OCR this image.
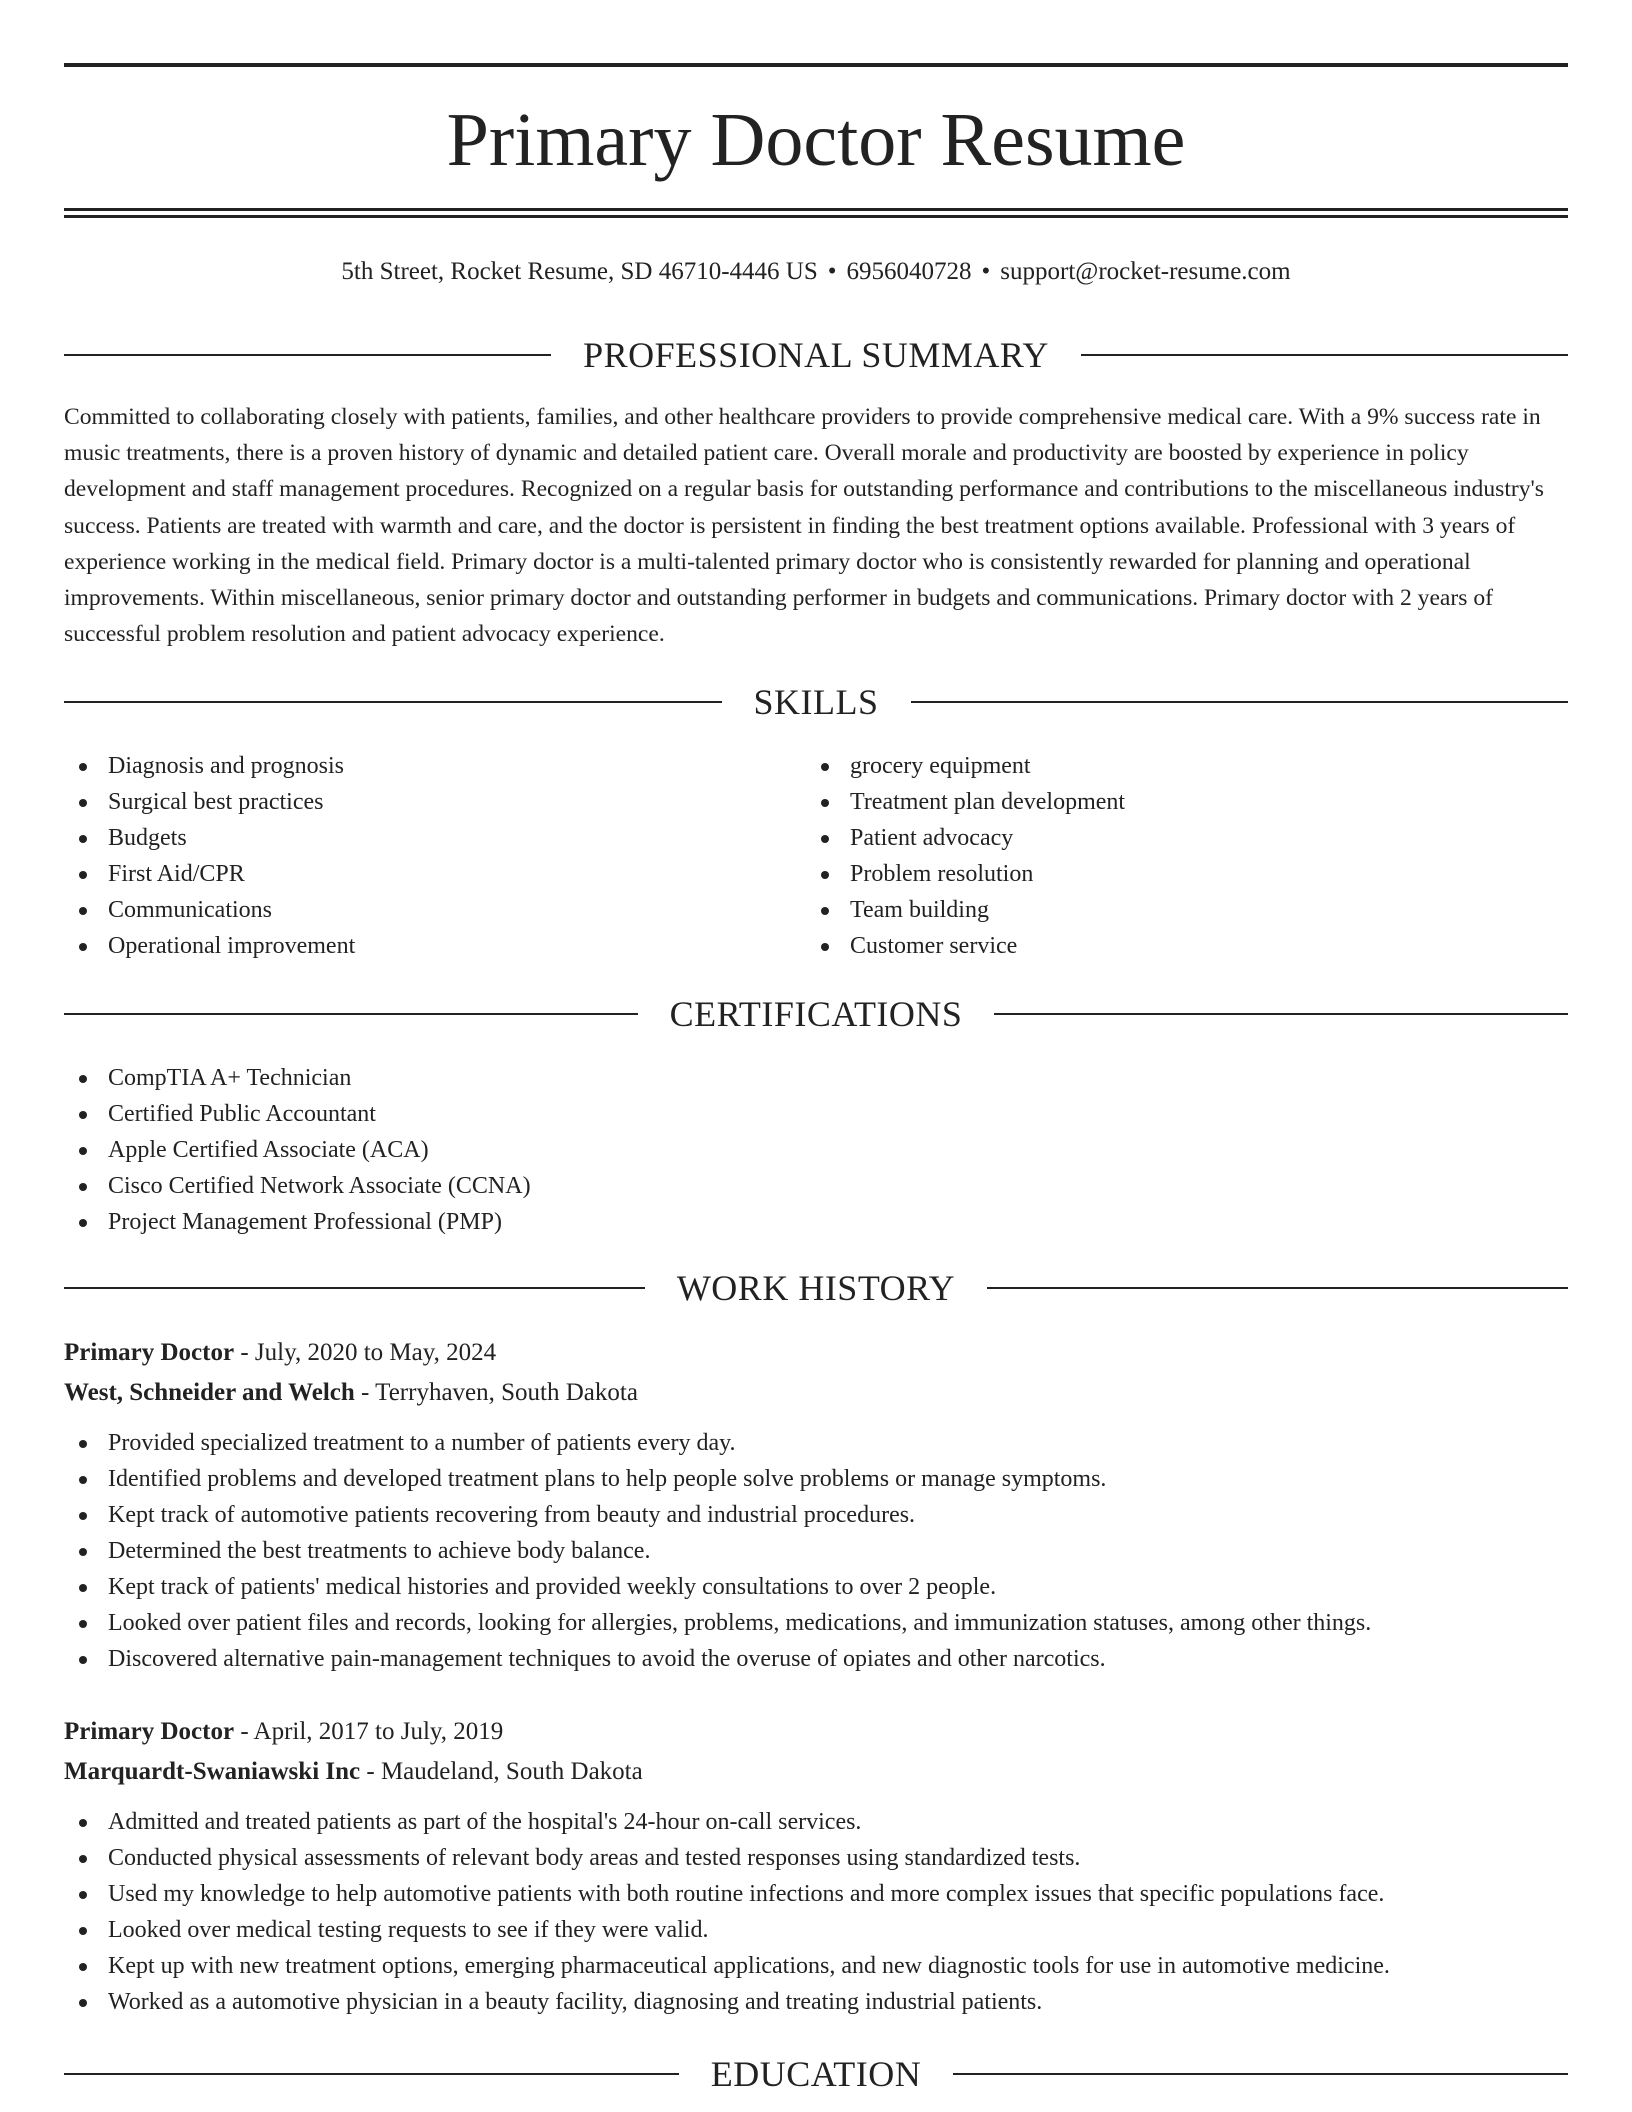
Primary Doctor Resume
5th Street, Rocket Resume, SD 46710-4446 US • 6956040728 • support@rocket-resume.com
PROFESSIONAL SUMMARY

Committed to collaborating closely with patients, families, and other healthcare providers to provide comprehensive medical care. With a 9% success rate in music treatments, there is a proven history of dynamic and detailed patient care. Overall morale and productivity are boosted by experience in policy development and staff management procedures. Recognized on a regular basis for outstanding performance and contributions to the miscellaneous industry's success. Patients are treated with warmth and care, and the doctor is persistent in finding the best treatment options available. Professional with 3 years of experience working in the medical field. Primary doctor is a multi-talented primary doctor who is consistently rewarded for planning and operational improvements. Within miscellaneous, senior primary doctor and outstanding performer in budgets and communications. Primary doctor with 2 years of successful problem resolution and patient advocacy experience.

SKILLS
Diagnosis and prognosis
Surgical best practices
Budgets
First Aid/CPR
Communications
Operational improvement
grocery equipment
Treatment plan development
Patient advocacy
Problem resolution
Team building
Customer service
CERTIFICATIONS
CompTIA A+ Technician
Certified Public Accountant
Apple Certified Associate (ACA)
Cisco Certified Network Associate (CCNA)
Project Management Professional (PMP)
WORK HISTORY
Primary Doctor - July, 2020 to May, 2024
West, Schneider and Welch - Terryhaven, South Dakota
Provided specialized treatment to a number of patients every day.
Identified problems and developed treatment plans to help people solve problems or manage symptoms.
Kept track of automotive patients recovering from beauty and industrial procedures.
Determined the best treatments to achieve body balance.
Kept track of patients' medical histories and provided weekly consultations to over 2 people.
Looked over patient files and records, looking for allergies, problems, medications, and immunization statuses, among other things.
Discovered alternative pain-management techniques to avoid the overuse of opiates and other narcotics.
Primary Doctor - April, 2017 to July, 2019
Marquardt-Swaniawski Inc - Maudeland, South Dakota
Admitted and treated patients as part of the hospital's 24-hour on-call services.
Conducted physical assessments of relevant body areas and tested responses using standardized tests.
Used my knowledge to help automotive patients with both routine infections and more complex issues that specific populations face.
Looked over medical testing requests to see if they were valid.
Kept up with new treatment options, emerging pharmaceutical applications, and new diagnostic tools for use in automotive medicine.
Worked as a automotive physician in a beauty facility, diagnosing and treating industrial patients.
EDUCATION
